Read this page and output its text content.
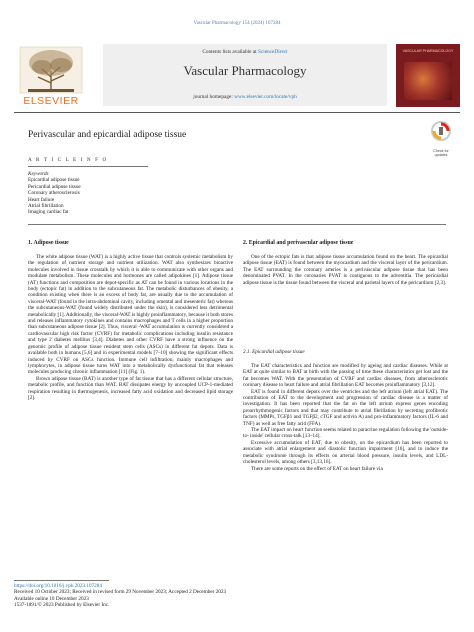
Vascular Pharmacology 154 (2024) 107284
ELSEVIER
Contents lists available at ScienceDirect
Vascular Pharmacology
journal homepage: www.elsevier.com/locate/vph
VASCULAR PHARMACOLOGY
Perivascular and epicardial adipose tissue
Check for updates
A R T I C L E I N F O
Keywords
Epicardial adipose tissue
Pericardial adipose tissue
Coronary atherosclerosis
Heart failure
Atrial fibrillation
Imaging cardiac fat
1. Adipose tissue

The white adipose tissue (WAT) is a highly active tissue that controls systemic metabolism by the regulation of nutrient storage and nutrient utilization. WAT also synthesizes bioactive molecules involved in tissue crosstalk by which it is able to communicate with other organs and modulate metabolism. These molecules and hormones are called adipokines [1]. Adipose tissue (AT) functions and composition are depot-specific as AT can be found in various locations in the body (ectopic fat) in addition to the subcutaneous fat. The metabolic disturbances of obesity, a condition existing when there is an excess of body fat, are usually due to the accumulation of visceral-WAT (found in the intra-abdominal cavity, including omental and mesenteric fat) whereas the subcutaneous-WAT (found widely distributed under the skin), is considered less detrimental metabolically [1]. Additionally, the visceral-WAT is highly proinflammatory, because it both stores and releases inflammatory cytokines and contains macrophages and T cells in a higher proportion than subcutaneous adipose tissue [2]. Thus, visceral -WAT accumulation is currently considered a cardiovascular high risk factor (CVRF) for metabolic complications including insulin resistance and type 2 diabetes mellitus [3,4]. Diabetes and other CVRF have a strong influence on the genomic profile of adipose tissue resident stem cells (ASCs) in different fat depots. Data is available both in humans [5,6] and in experimental models [7–10] showing the significant effects induced by CVRF on ASCs function. Immune cell infiltration, mainly macrophages and lymphocytes, in adipose tissue turns WAT into a metabolically dysfunctional fat that releases molecules producing chronic inflammation [11] (Fig. 1).

Brown adipose tissue (BAT) is another type of fat tissue that has a different cellular structure, metabolic profile, and function than WAT. BAT dissipates energy by uncoupled UCP-1-mediated respiration resulting in thermogenesis, increased fatty acid oxidation and decreased lipid storage [2].

2. Epicardial and perivascular adipose tissue

One of the ectopic fats is that adipose tissue accumulation found on the heart. The epicardial adipose tissue (EAT) is found between the myocardium and the visceral layer of the pericardium. The EAT surrounding the coronary arteries is a perivascular adipose tissue that has been denominated PVAT. In the coronaries PVAT is contiguous to the adventitia. The pericardial adipose tissue is the tissue found between the visceral and parietal layers of the pericardium [2,3].

2.1. Epicardial adipose tissue

The EAT characteristics and function are modified by ageing and cardiac diseases. While at EAT at quite similar to BAT at birth with the passing of time these characteristics get lost and the fat becomes WAT. With the presentation of CVRF and cardiac diseases, from atherosclerotic coronary disease to heart failure and atrial fibrillation EAT becomes proinflammatory [3,12].

EAT is found in different depots over the ventricles and the left atrium (left atrial EAT). The contribution of EAT to the development and progression of cardiac disease is a matter of investigation. It has been reported that the fat on the left atrium express genes encoding proarrhythmogenic factors and that may contribute to atrial fibrillation by secreting profibrotic factors (MMPs, TGFβ1 and TGFβ2, cTGF and activin A) and pro-inflammatory factors (IL-6 and TNF) as well as free fatty acid (FFA).

The EAT impact on heart function seems related to paracrine regulation following the 'outside-to- inside' cellular cross-talk [13–14].

Excessive accumulation of EAT, due to obesity, on the epicardium has been reported to associate with atrial enlargement and diastolic function impairment [16], and to induce the metabolic syndrome through its effects on arterial blood pressure, insulin levels, and LDL-cholesterol levels, among others [3,13,16].

There are some reports on the effect of EAT on heart failure via

https://doi.org/10.1016/j.vph.2023.107284
Received 10 October 2023; Received in revised form 29 November 2023; Accepted 2 December 2023
Available online 10 December 2023
1537-1891/© 2023 Published by Elsevier Inc.
